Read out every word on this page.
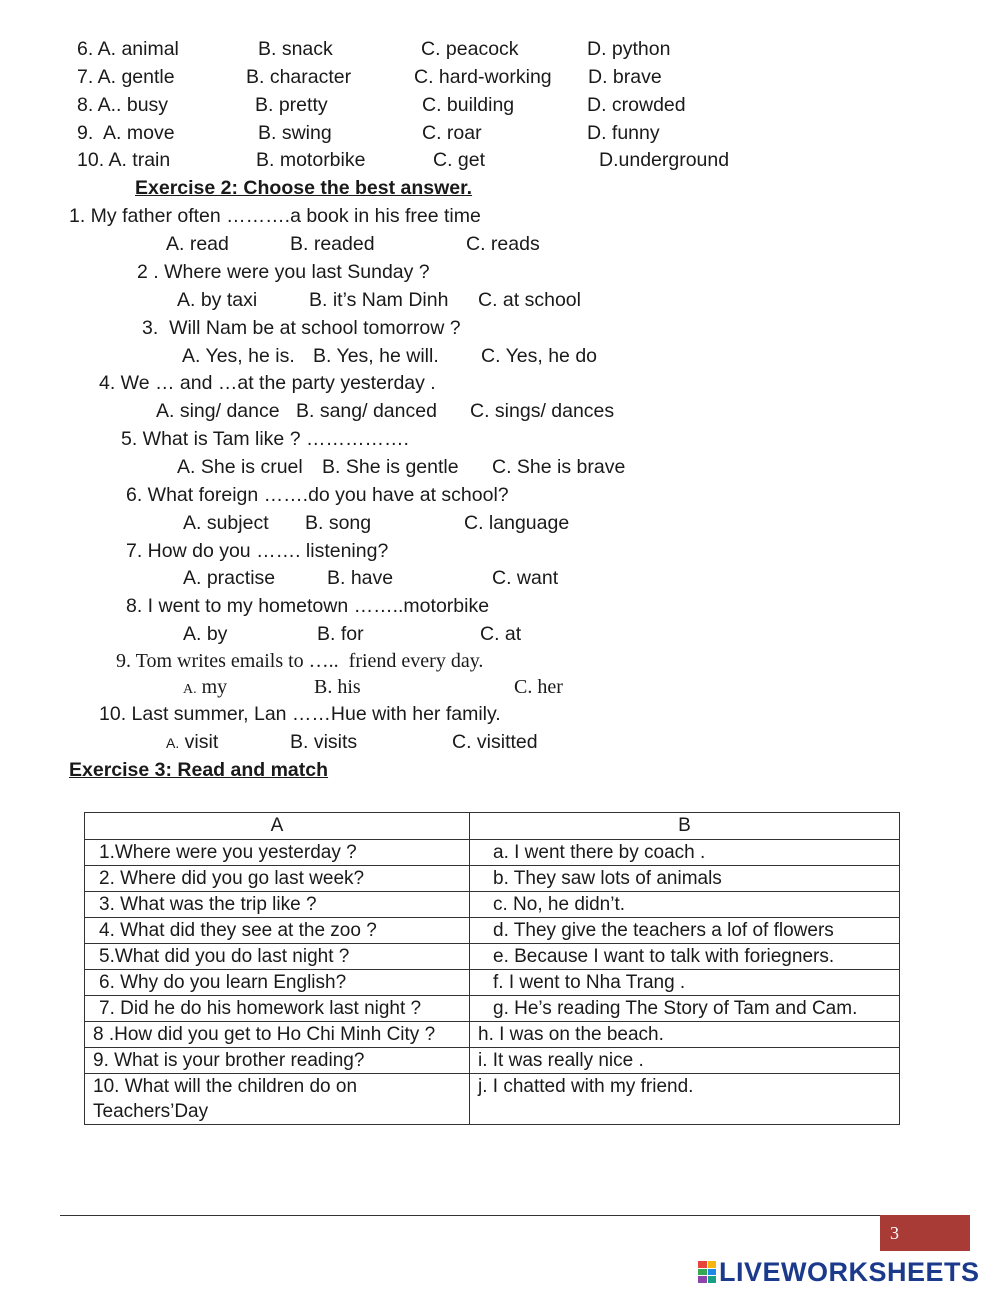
6. A. animal	B. snack	C. peacock	D. python
7. A. gentle	B. character	C. hard-working D. brave
8. A.. busy	B. pretty	C. building	D. crowded
9.  A. move	B. swing	C. roar	D. funny
10. A. train	B. motorbike	C. get	D.underground
Exercise 2: Choose the best answer.
1. My father often ……….a book in his free time
A. read	B. readed	C. reads
2 . Where were you last Sunday ?
A. by taxi	B. it’s Nam Dinh C. at school
3.  Will Nam be at school tomorrow ?
A. Yes, he is. B. Yes, he will. C. Yes, he do
4. We … and …at the party yesterday .
A. sing/ dance B. sang/ danced C. sings/ dances
5. What is Tam like ? …………….
A. She is cruel B. She is gentle C. She is brave
6. What foreign …….do you have at school?
A. subject B. song	C. language
7. How do you ……. listening?
A. practise	B. have	C. want
8. I went to my hometown ……..motorbike
A. by	B. for	C. at
9. Tom writes emails to …..  friend every day.
A. my	B. his	C. her
10. Last summer, Lan ……Hue with her family.
A. visit	B. visits	C. visitted
Exercise 3: Read and match
A	B
1.Where were you yesterday ?	a. I went there by coach .
2. Where did you go last week?	b. They saw lots of animals
3. What was the trip like ?	c. No, he didn’t.
4. What did they see at the zoo ?	d. They give the teachers a lof of flowers
5.What did you do last night ?	e. Because I want to talk with foriegners.
6. Why do you learn English?	f. I went to Nha Trang .
7. Did he do his homework last night ?	g. He’s reading The Story of Tam and Cam.
8 .How did you get to Ho Chi Minh City ?	h. I was on the beach.
9. What is your brother reading?	i. It was really nice .
10. What will the children do on Teachers’Day	j. I chatted with my friend.
3
LIVEWORKSHEETS
